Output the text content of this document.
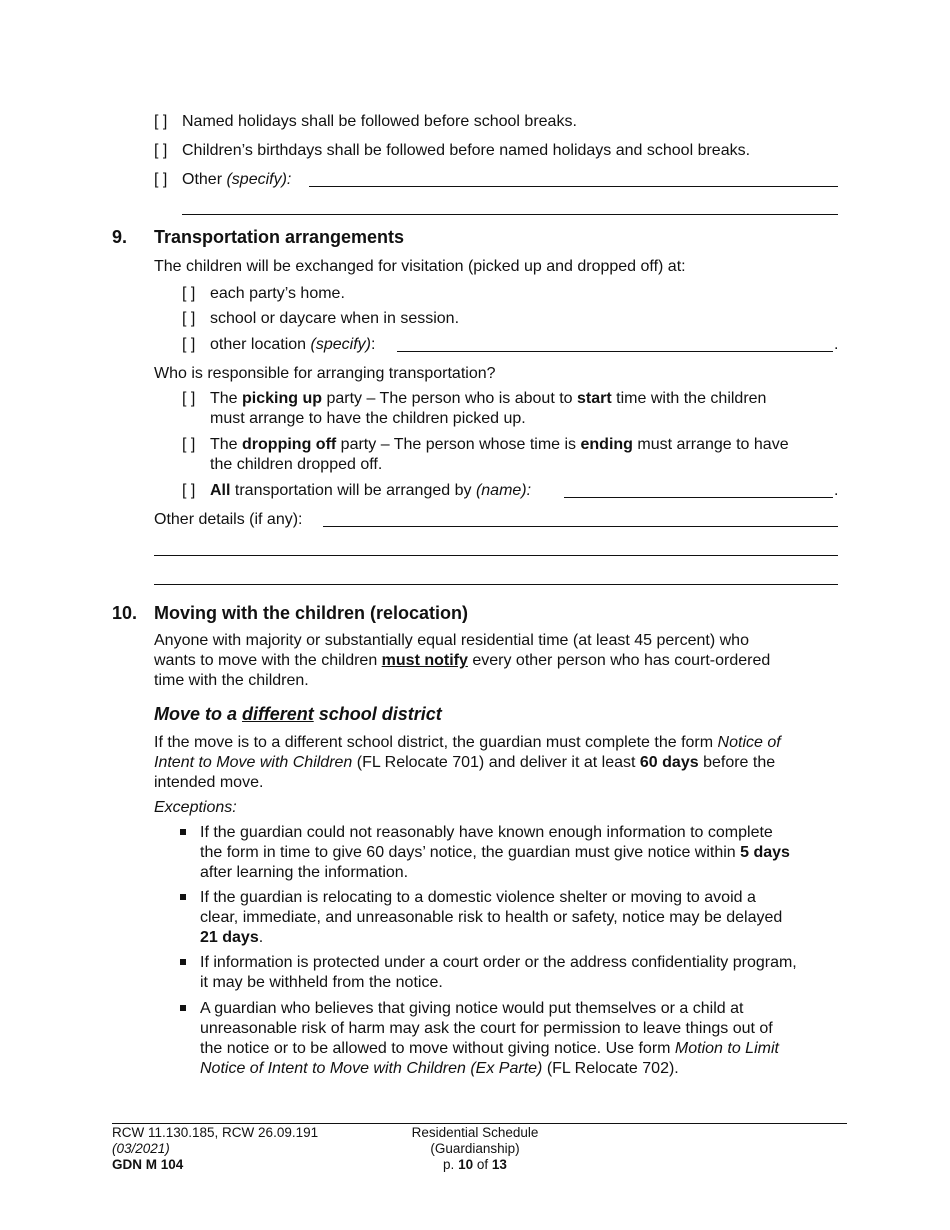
[ ] Named holidays shall be followed before school breaks.
[ ] Children’s birthdays shall be followed before named holidays and school breaks.
[ ] Other (specify):
9. Transportation arrangements
The children will be exchanged for visitation (picked up and dropped off) at:
[ ] each party’s home.
[ ] school or daycare when in session.
[ ] other location (specify):	.
Who is responsible for arranging transportation?
[ ] The picking up party – The person who is about to start time with the children
must arrange to have the children picked up.
[ ] The dropping off party – The person whose time is ending must arrange to have
the children dropped off.
[ ] All transportation will be arranged by (name):	.
Other details (if any):
10. Moving with the children (relocation)
Anyone with majority or substantially equal residential time (at least 45 percent) who
wants to move with the children must notify every other person who has court-ordered
time with the children.
Move to a different school district
If the move is to a different school district, the guardian must complete the form Notice of
Intent to Move with Children (FL Relocate 701) and deliver it at least 60 days before the
intended move.
Exceptions:
If the guardian could not reasonably have known enough information to complete
the form in time to give 60 days’ notice, the guardian must give notice within 5 days
after learning the information.
If the guardian is relocating to a domestic violence shelter or moving to avoid a
clear, immediate, and unreasonable risk to health or safety, notice may be delayed
21 days.
If information is protected under a court order or the address confidentiality program,
it may be withheld from the notice.
A guardian who believes that giving notice would put themselves or a child at
unreasonable risk of harm may ask the court for permission to leave things out of
the notice or to be allowed to move without giving notice. Use form Motion to Limit
Notice of Intent to Move with Children (Ex Parte) (FL Relocate 702).
RCW 11.130.185, RCW 26.09.191
(03/2021)
GDN M 104
Residential Schedule
(Guardianship)
p. 10 of 13
